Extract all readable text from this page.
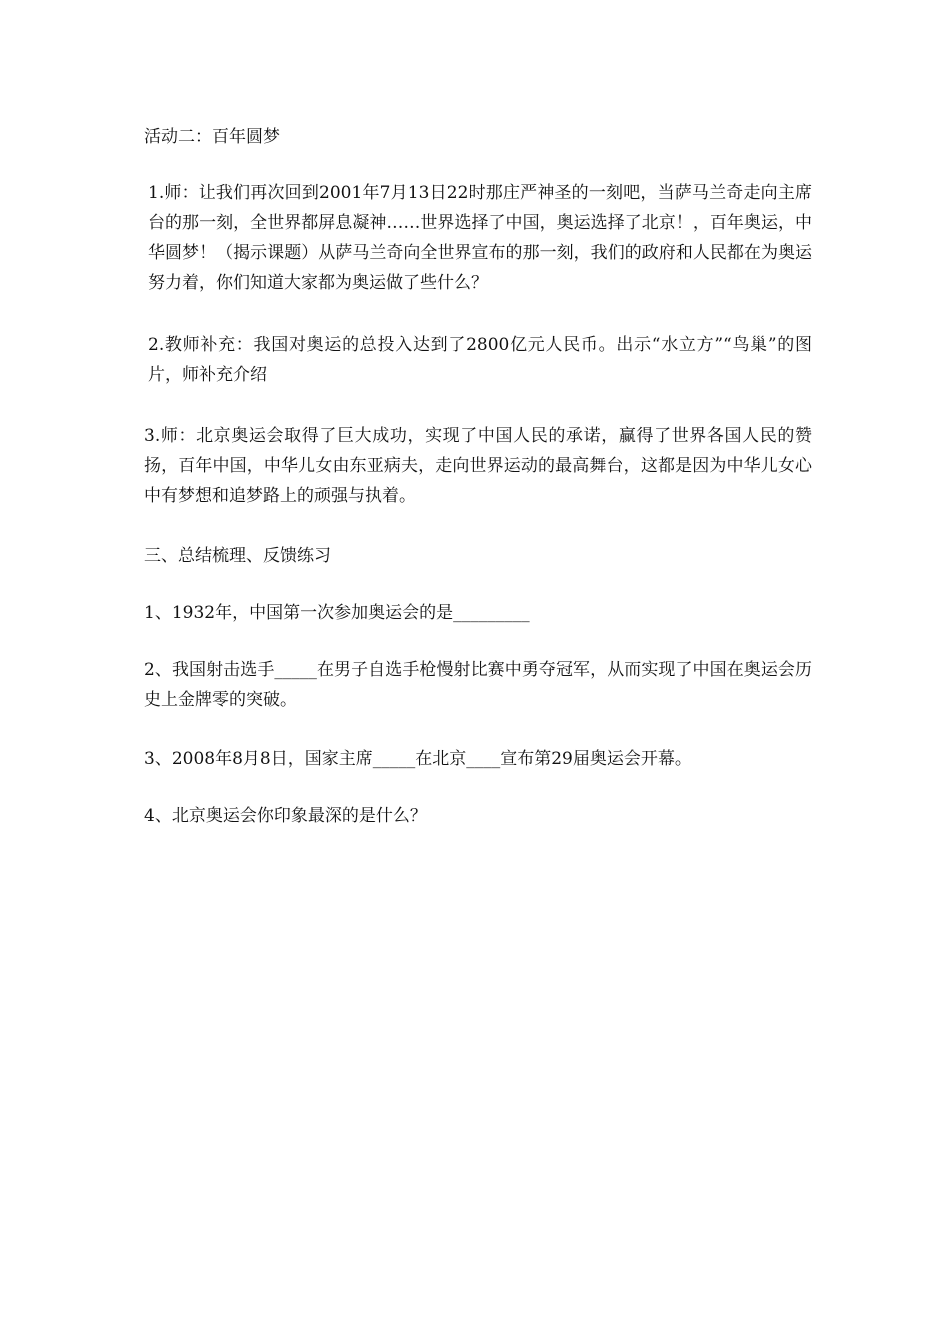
活动二：百年圆梦

1.师：让我们再次回到2001年7月13日22时那庄严神圣的一刻吧，当萨马兰奇走向主席台的那一刻，全世界都屏息凝神……世界选择了中国，奥运选择了北京！，百年奥运，中华圆梦！（揭示课题）从萨马兰奇向全世界宣布的那一刻，我们的政府和人民都在为奥运努力着，你们知道大家都为奥运做了些什么？

2.教师补充：我国对奥运的总投入达到了2800亿元人民币。出示“水立方”“鸟巢”的图片，师补充介绍

3.师：北京奥运会取得了巨大成功，实现了中国人民的承诺，赢得了世界各国人民的赞扬，百年中国，中华儿女由东亚病夫，走向世界运动的最高舞台，这都是因为中华儿女心中有梦想和追梦路上的顽强与执着。

三、总结梳理、反馈练习

1、1932年，中国第一次参加奥运会的是_________

2、我国射击选手_____在男子自选手枪慢射比赛中勇夺冠军，从而实现了中国在奥运会历史上金牌零的突破。

3、2008年8月8日，国家主席_____在北京____宣布第29届奥运会开幕。

4、北京奥运会你印象最深的是什么？
